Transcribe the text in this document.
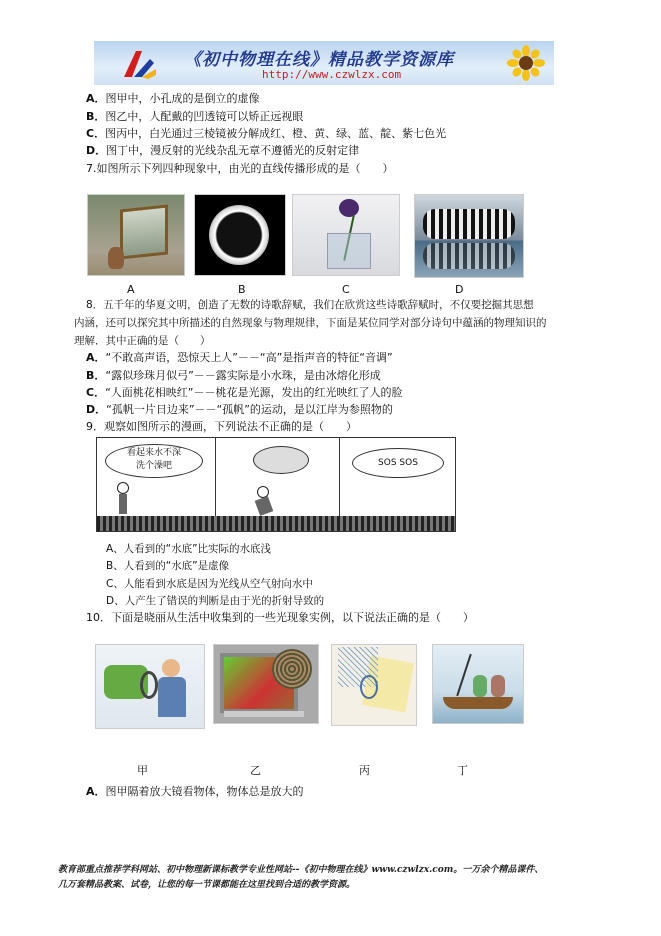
《初中物理在线》精品教学资源库
http://www.czwlzx.com
A．图甲中，小孔成的是倒立的虚像
B．图乙中，人配戴的凹透镜可以矫正远视眼
C．图丙中，白光通过三棱镜被分解成红、橙、黄、绿、蓝、靛、紫七色光
D．图丁中，漫反射的光线杂乱无章不遵循光的反射定律
7.如图所示下列四种现象中，由光的直线传播形成的是（　　）
A	B	C	D
8．五千年的华夏文明，创造了无数的诗歌辞赋，我们在欣赏这些诗歌辞赋时，不仅要挖掘其思想
内涵，还可以探究其中所描述的自然现象与物理规律，下面是某位同学对部分诗句中蕴涵的物理知识的
理解．其中正确的是（　　）
A．“不敢高声语，恐惊天上人”－－“高”是指声音的特征“音调”
B．“露似珍珠月似弓”－－露实际是小水珠，是由冰熔化形成
C．“人面桃花相映红”－－桃花是光源，发出的红光映红了人的脸
D．“孤帆一片日边来”－－“孤帆”的运动，是以江岸为参照物的
9．观察如图所示的漫画，下列说法不正确的是（　　）
看起来水不深
洗个澡吧	SOS SOS
A、人看到的“水底”比实际的水底浅
B、人看到的“水底”是虚像
C、人能看到水底是因为光线从空气射向水中
D、人产生了错误的判断是由于光的折射导致的
10．下面是晓丽从生活中收集到的一些光现象实例，以下说法正确的是（　　）
甲	乙	丙	丁
A．图甲隔着放大镜看物体，物体总是放大的
教育部重点推荐学科网站、初中物理新课标教学专业性网站--《初中物理在线》www.czwlzx.com。一万余个精品课件、
几万套精品教案、试卷，让您的每一节课都能在这里找到合适的教学资源。
